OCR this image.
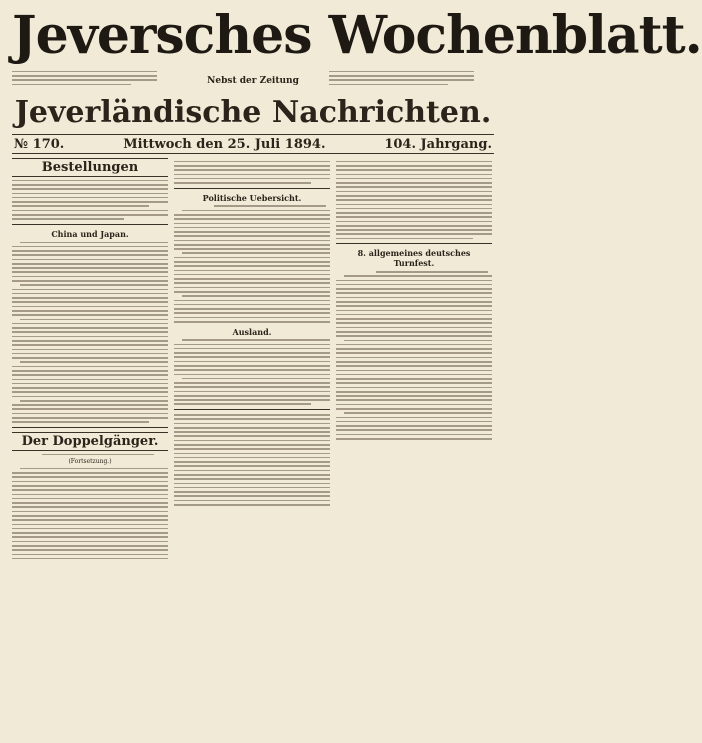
Jeversches Wochenblatt.
Nebst der Zeitung
Jeverländische Nachrichten.
№ 170.	Mittwoch den 25. Juli 1894.	104. Jahrgang.
Bestellungen
China und Japan.
Der Doppelgänger.
(Fortsetzung.)
Politische Uebersicht.
Ausland.
8. allgemeines deutsches Turnfest.
